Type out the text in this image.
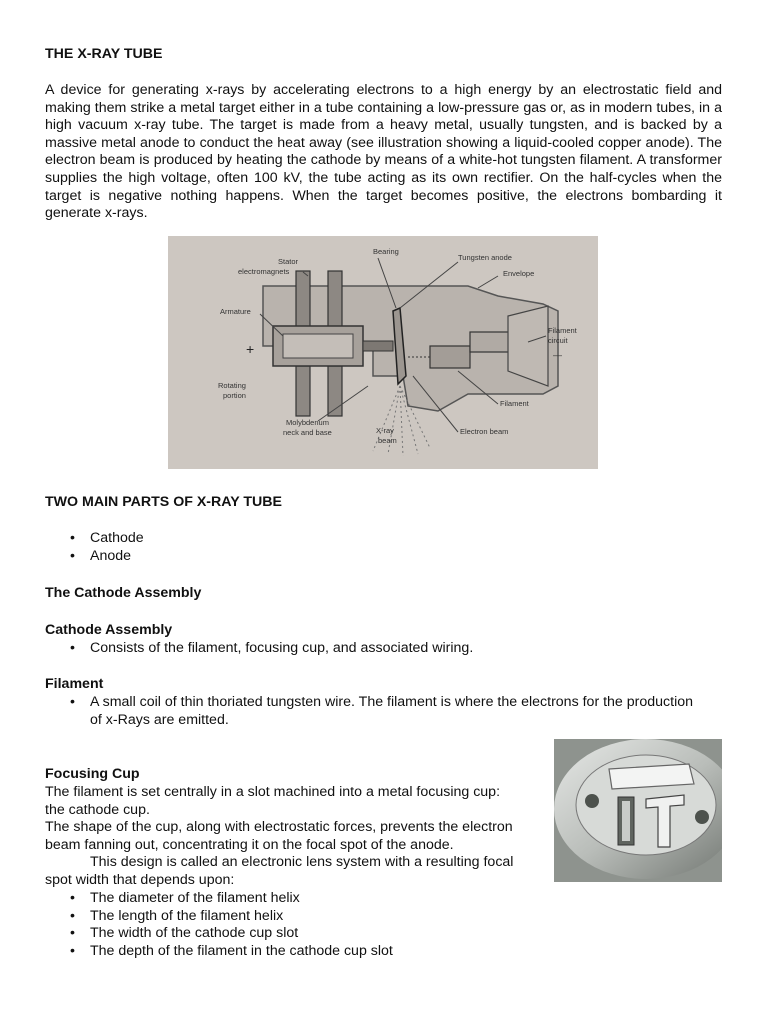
THE X-RAY TUBE

A device for generating x-rays by accelerating electrons to a high energy by an electrostatic field and making them strike a metal target either in a tube containing a low-pressure gas or, as in modern tubes, in a high vacuum x-ray tube. The target is made from a heavy metal, usually tungsten, and is backed by a massive metal anode to conduct the heat away (see illustration showing a liquid-cooled copper anode). The electron beam is produced by heating the cathode by means of a white-hot tungsten filament. A transformer supplies the high voltage, often 100 kV, the tube acting as its own rectifier. On the half-cycles when the target is negative nothing happens. When the target becomes positive, the electrons bombarding it generate x-rays.

Stator
electromagnets
Bearing
Tungsten anode
Envelope
Armature
Filament
circuit
+	—
Rotating
portion
Filament
Molybdenum
neck and base	X-ray
beam
Electron beam
TWO MAIN PARTS OF X-RAY TUBE
• Cathode
• Anode
The Cathode Assembly
Cathode Assembly
• Consists of the filament, focusing cup, and associated wiring.
Filament
• A small coil of thin thoriated tungsten wire. The filament is where the electrons for the production
of x-Rays are emitted.
Focusing Cup
The filament is set centrally in a slot machined into a metal focusing cup:
the cathode cup.
The shape of the cup, along with electrostatic forces, prevents the electron
beam fanning out, concentrating it on the focal spot of the anode.
This design is called an electronic lens system with a resulting focal
spot width that depends upon:
• The diameter of the filament helix
• The length of the filament helix
• The width of the cathode cup slot
• The depth of the filament in the cathode cup slot
